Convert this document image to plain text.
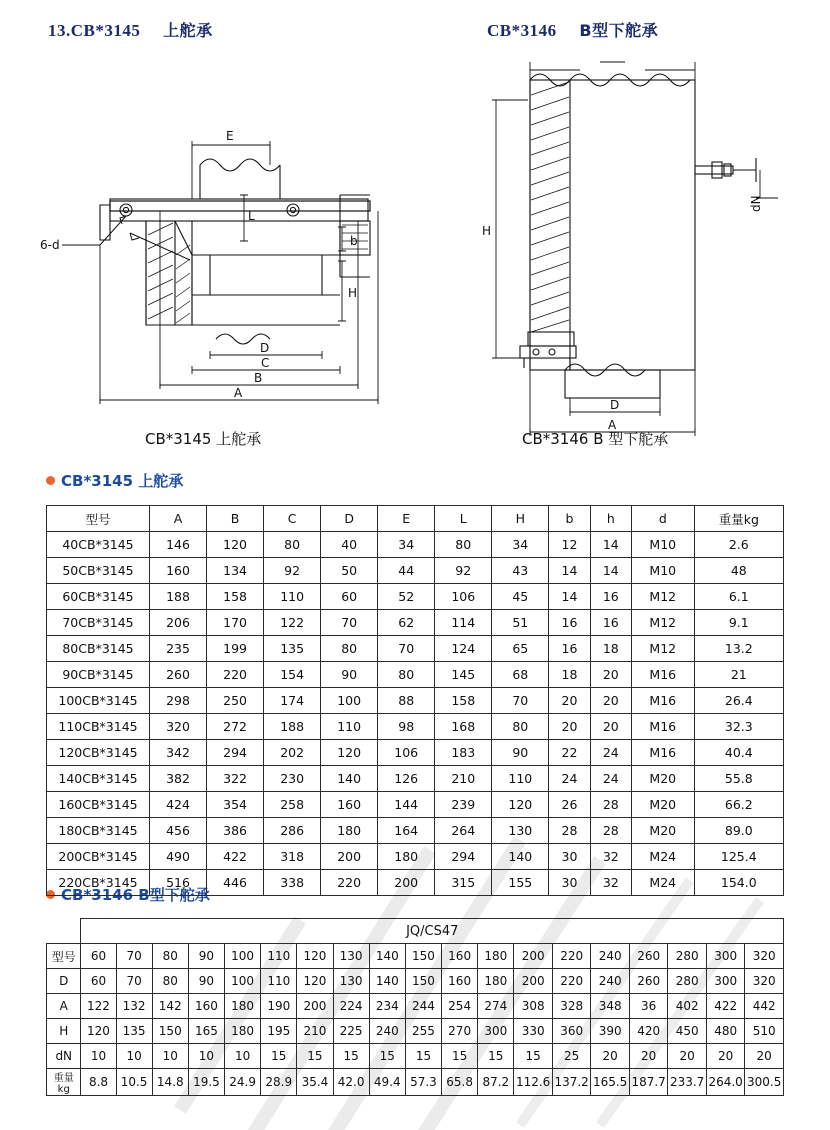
13.CB*3145 上舵承	CB*3146 B型下舵承
E
L
b
H
6-d
D
C
B
A
H
D
A
dN
CB*3145 上舵承	CB*3146 B 型下舵承
CB*3145 上舵承
CB*3146 B型下舵承
型号	A	B	C	D	E	L	H	b	h	d	重量kg
40CB*3145	146	120	80	40	34	80	34	12	14	M10	2.6
50CB*3145	160	134	92	50	44	92	43	14	14	M10	48
60CB*3145	188	158	110	60	52	106	45	14	16	M12	6.1
70CB*3145	206	170	122	70	62	114	51	16	16	M12	9.1
80CB*3145	235	199	135	80	70	124	65	16	18	M12	13.2
90CB*3145	260	220	154	90	80	145	68	18	20	M16	21
100CB*3145	298	250	174	100	88	158	70	20	20	M16	26.4
110CB*3145	320	272	188	110	98	168	80	20	20	M16	32.3
120CB*3145	342	294	202	120	106	183	90	22	24	M16	40.4
140CB*3145	382	322	230	140	126	210	110	24	24	M20	55.8
160CB*3145	424	354	258	160	144	239	120	26	28	M20	66.2
180CB*3145	456	386	286	180	164	264	130	28	28	M20	89.0
200CB*3145	490	422	318	200	180	294	140	30	32	M24	125.4
220CB*3145	516	446	338	220	200	315	155	30	32	M24	154.0
	JQ/CS47																		
型号	60	70	80	90	100	110	120	130	140	150	160	180	200	220	240	260	280	300	320
D	60	70	80	90	100	110	120	130	140	150	160	180	200	220	240	260	280	300	320
A	122	132	142	160	180	190	200	224	234	244	254	274	308	328	348	36	402	422	442
H	120	135	150	165	180	195	210	225	240	255	270	300	330	360	390	420	450	480	510
dN	10	10	10	10	10	15	15	15	15	15	15	15	15	25	20	20	20	20	20
重量kg	8.8	10.5	14.8	19.5	24.9	28.9	35.4	42.0	49.4	57.3	65.8	87.2	112.6	137.2	165.5	187.7	233.7	264.0	300.5
